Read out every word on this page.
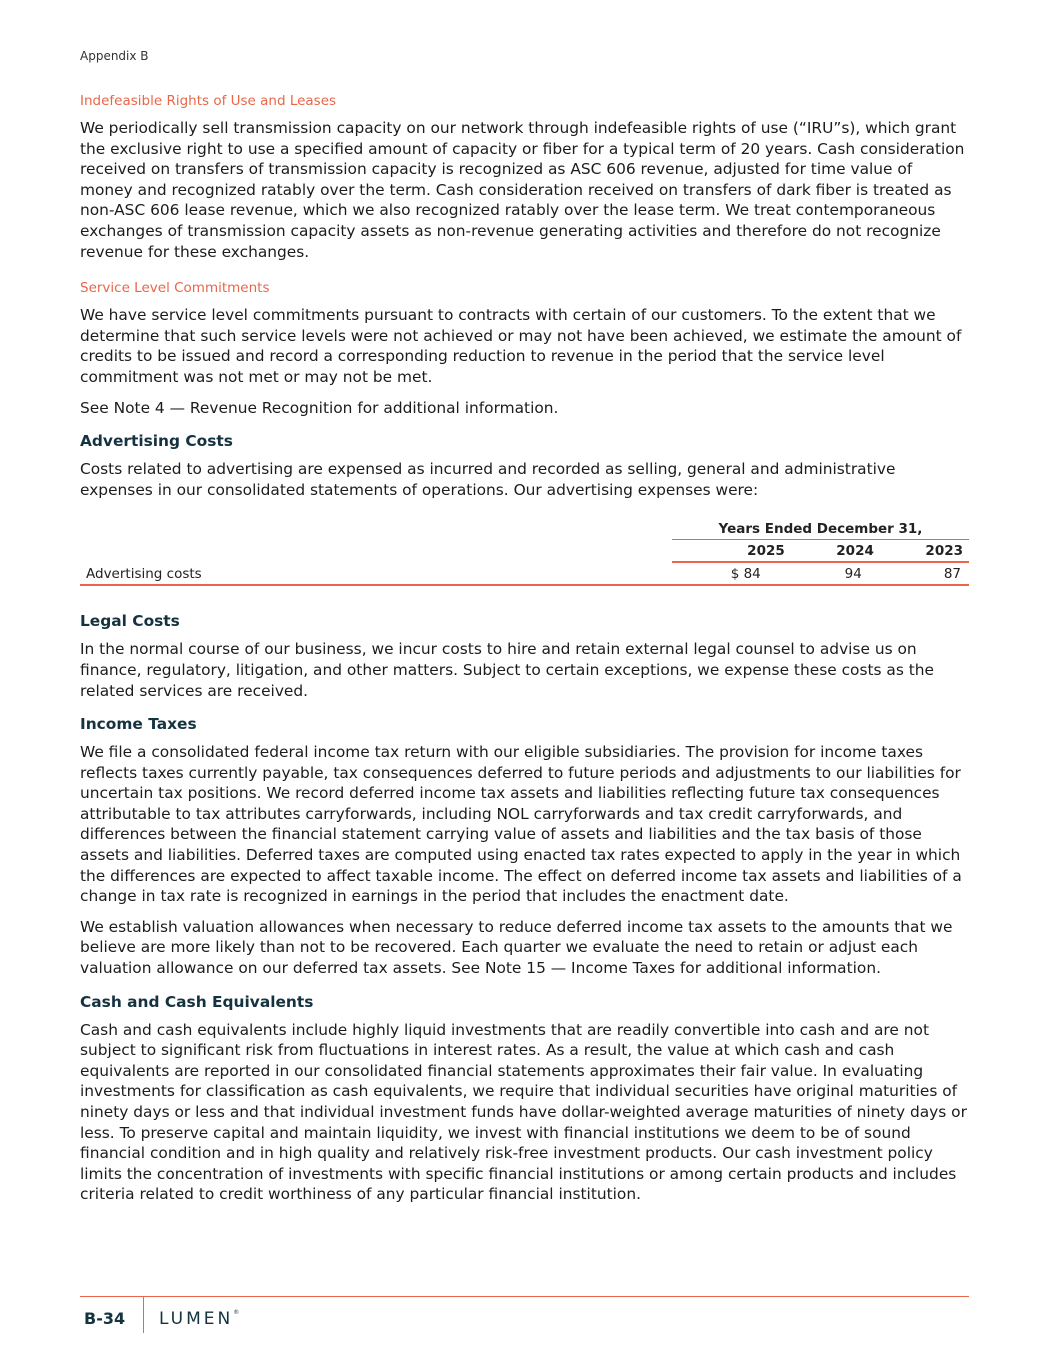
Appendix B
Indefeasible Rights of Use and Leases

We periodically sell transmission capacity on our network through indefeasible rights of use (“IRU”s), which grant the exclusive right to use a specified amount of capacity or fiber for a typical term of 20 years. Cash consideration received on transfers of transmission capacity is recognized as ASC 606 revenue, adjusted for time value of money and recognized ratably over the term. Cash consideration received on transfers of dark fiber is treated as non-ASC 606 lease revenue, which we also recognized ratably over the lease term. We treat contemporaneous exchanges of transmission capacity assets as non-revenue generating activities and therefore do not recognize revenue for these exchanges.

Service Level Commitments

We have service level commitments pursuant to contracts with certain of our customers. To the extent that we determine that such service levels were not achieved or may not have been achieved, we estimate the amount of credits to be issued and record a corresponding reduction to revenue in the period that the service level commitment was not met or may not be met.

See Note 4 — Revenue Recognition for additional information.

Advertising Costs

Costs related to advertising are expensed as incurred and recorded as selling, general and administrative expenses in our consolidated statements of operations. Our advertising expenses were:

	Years Ended December 31,		
	2025	2024	2023
Advertising costs	$ 84	94	87
Legal Costs

In the normal course of our business, we incur costs to hire and retain external legal counsel to advise us on finance, regulatory, litigation, and other matters. Subject to certain exceptions, we expense these costs as the related services are received.

Income Taxes

We file a consolidated federal income tax return with our eligible subsidiaries. The provision for income taxes reflects taxes currently payable, tax consequences deferred to future periods and adjustments to our liabilities for uncertain tax positions. We record deferred income tax assets and liabilities reflecting future tax consequences attributable to tax attributes carryforwards, including NOL carryforwards and tax credit carryforwards, and differences between the financial statement carrying value of assets and liabilities and the tax basis of those assets and liabilities. Deferred taxes are computed using enacted tax rates expected to apply in the year in which the differences are expected to affect taxable income. The effect on deferred income tax assets and liabilities of a change in tax rate is recognized in earnings in the period that includes the enactment date.

We establish valuation allowances when necessary to reduce deferred income tax assets to the amounts that we believe are more likely than not to be recovered. Each quarter we evaluate the need to retain or adjust each valuation allowance on our deferred tax assets. See Note 15 — Income Taxes for additional information.

Cash and Cash Equivalents

Cash and cash equivalents include highly liquid investments that are readily convertible into cash and are not subject to significant risk from fluctuations in interest rates. As a result, the value at which cash and cash equivalents are reported in our consolidated financial statements approximates their fair value. In evaluating investments for classification as cash equivalents, we require that individual securities have original maturities of ninety days or less and that individual investment funds have dollar-weighted average maturities of ninety days or less. To preserve capital and maintain liquidity, we invest with financial institutions we deem to be of sound financial condition and in high quality and relatively risk-free investment products. Our cash investment policy limits the concentration of investments with specific financial institutions or among certain products and includes criteria related to credit worthiness of any particular financial institution.

B-34 LUMEN®
